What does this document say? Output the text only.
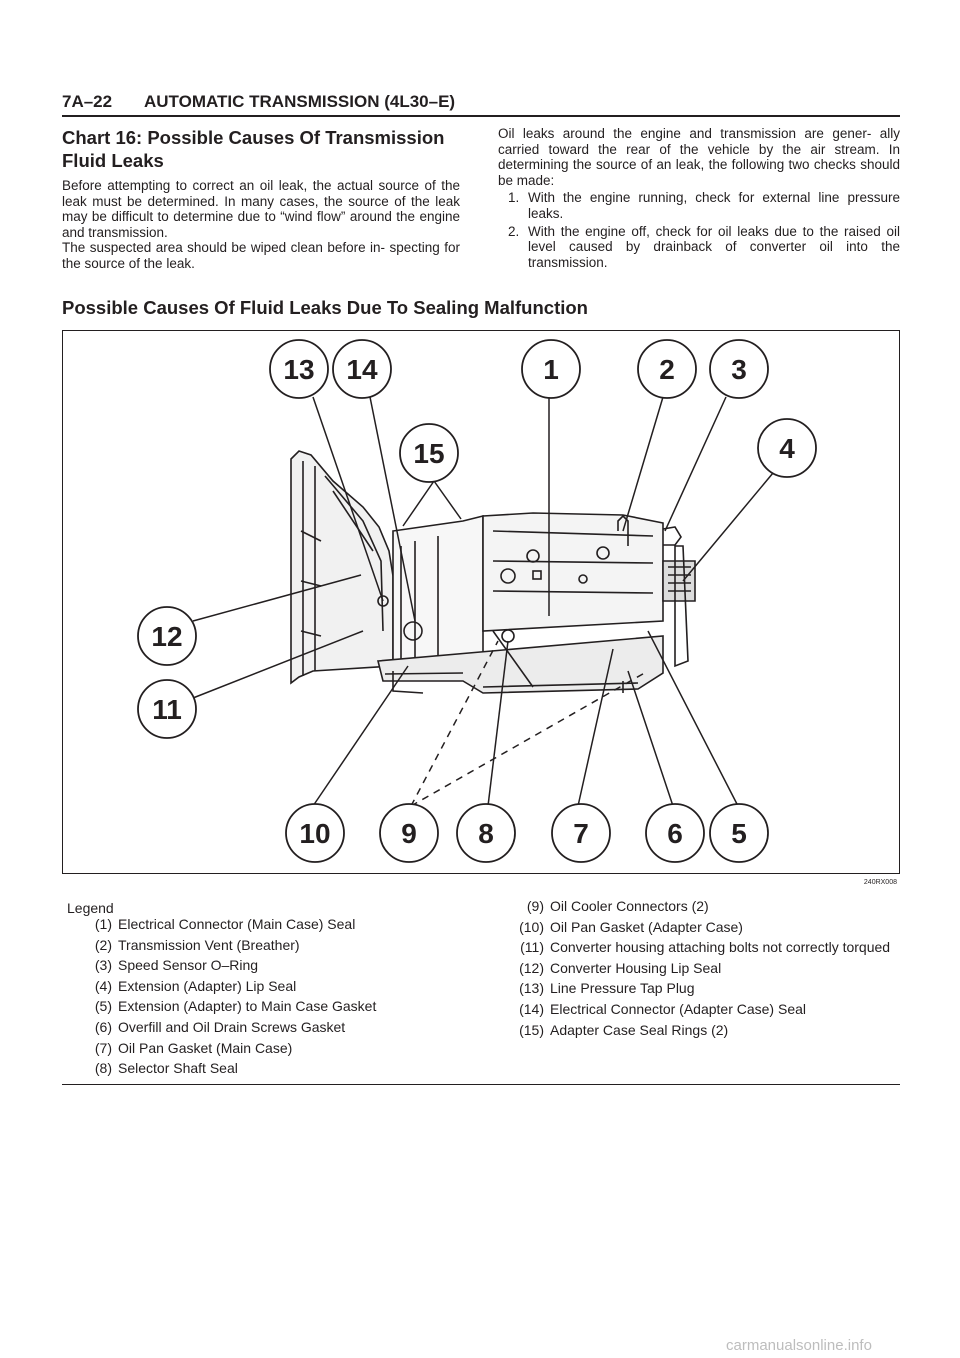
7A–22 AUTOMATIC TRANSMISSION (4L30–E)
Chart 16: Possible Causes Of Transmission Fluid Leaks

Before attempting to correct an oil leak, the actual source of the leak must be determined. In many cases, the source of the leak may be difficult to determine due to “wind flow” around the engine and transmission.

The suspected area should be wiped clean before in- specting for the source of the leak.

Oil leaks around the engine and transmission are gener- ally carried toward the rear of the vehicle by the air stream. In determining the source of an leak, the following two checks should be made:

1. With the engine running, check for external line pressure leaks.
2. With the engine off, check for oil leaks due to the raised oil level caused by drainback of converter oil into the transmission.
Possible Causes Of Fluid Leaks Due To Sealing Malfunction
13 14	1	2 3
4
15
12
11
10	9 8	7	6 5
240RX008
Legend
(1) Electrical Connector (Main Case) Seal
(2) Transmission Vent (Breather)
(3) Speed Sensor O–Ring
(4) Extension (Adapter) Lip Seal
(5) Extension (Adapter) to Main Case Gasket
(6) Overfill and Oil Drain Screws Gasket
(7) Oil Pan Gasket (Main Case)
(8) Selector Shaft Seal
(9) Oil Cooler Connectors (2)
(10) Oil Pan Gasket (Adapter Case)
(11) Converter housing attaching bolts not correctly torqued
(12) Converter Housing Lip Seal
(13) Line Pressure Tap Plug
(14) Electrical Connector (Adapter Case) Seal
(15) Adapter Case Seal Rings (2)
carmanualsonline.info
